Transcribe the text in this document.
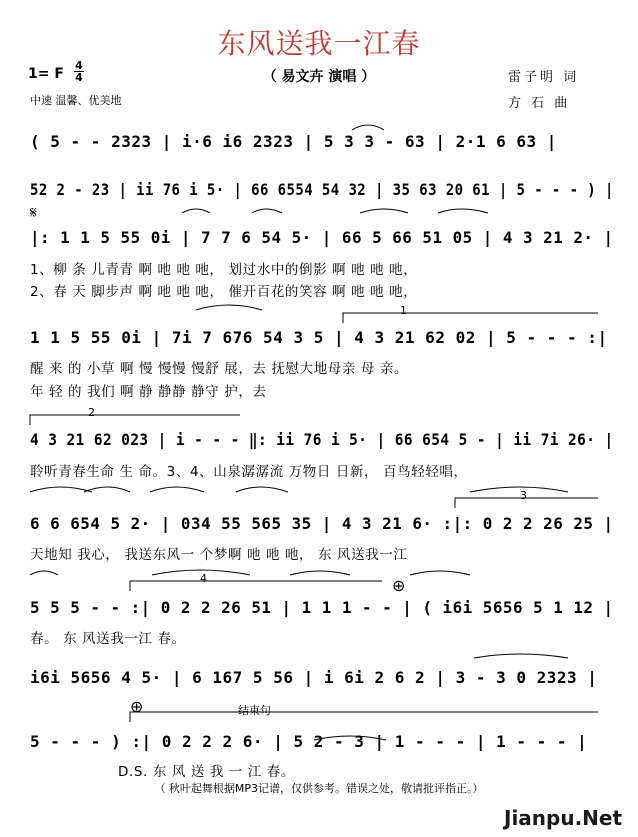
𝄋
⊕
⊕
东风送我一江春
（ 易文卉 演唱 ）
1= F
4
4
中速 温馨、优美地
雷子明 词
方 石 曲
( 5 - - 2323 | i·6 i6 2323 | 5 3 3 - 63 | 2·1 6 63 |
52 2 - 23 | ii 76 i 5· | 66 6554 54 32 | 35 63 20 61 | 5 - - - ) |
|: 1 1 5 55 0i | 7 7 6 54 5· | 66 5 66 51 05 | 4 3 21 2· |
1、柳 条 儿青青 啊 吔 吔 吔， 划过水中的倒影 啊 吔 吔 吔，
2、春 天 脚步声 啊 吔 吔 吔， 催开百花的笑容 啊 吔 吔 吔，
1
1 1 5 55 0i | 7i 7 676 54 3 5 | 4 3 21 62 02 | 5 - - - :|
醒 来 的 小草 啊 慢 慢慢 慢舒 展，去 抚慰大地母亲 母 亲。
年 轻 的 我们 啊 静 静静 静守 护，去
2
4 3 21 62 023 | i - - - ‖: ii 76 i 5· | 66 654 5 - | ii 7i 26· |
聆听青春生命 生 命。3、4、山泉潺潺流 万物日 日新， 百鸟轻轻唱，
3
6 6 654 5 2· | 034 55 565 35 | 4 3 21 6· :|: 0 2 2 26 25 |
天地知 我心， 我送东风一 个梦啊 吔 吔 吔， 东 风送我一江
4
5 5 5 - - :| 0 2 2 26 51 | 1 1 1 - - | ( i6i 5656 5 1 12 |
春。 东 风送我一江 春。
i6i 5656 4 5· | 6 167 5 56 | i 6i 2 6 2 | 3 - 3 0 2323 |
结束句
5 - - - ) :| 0 2 2 2 6· | 5 2 - 3 | 1 - - - | 1 - - - |
D.S. 东 风 送 我 一 江 春。
（ 秋叶起舞根据MP3记谱，仅供参考。错误之处，敬请批评指正。）
Jianpu.Net
